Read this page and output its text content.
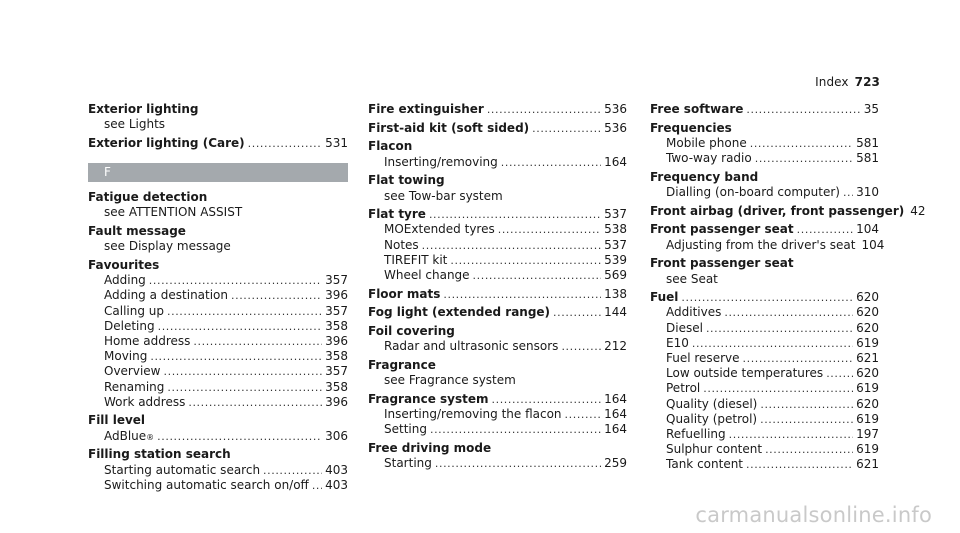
Index 723
Exterior lighting
see Lights
Exterior lighting (Care) .....	531
F
Fatigue detection
see ATTENTION ASSIST
Fault message
see Display message
Favourites
Adding .....	357
Adding a destination .....	396
Calling up .....	357
Deleting .....	358
Home address .....	396
Moving .....	358
Overview .....	357
Renaming .....	358
Work address .....	396
Fill level
AdBlue ® .....	306
Filling station search
Starting automatic search .....	403
Switching automatic search on/off ..... 403
Fire extinguisher .....	536
First-aid kit (soft sided) .....	536
Flacon
Inserting/removing .....	164
Flat towing
see Tow-bar system
Flat tyre .....	537
MOExtended tyres .....	538
Notes .....	537
TIREFIT kit .....	539
Wheel change .....	569
Floor mats .....	138
Fog light (extended range) .....	144
Foil covering
Radar and ultrasonic sensors .....	212
Fragrance
see Fragrance system
Fragrance system .....	164
Inserting/removing the flacon .....	164
Setting .....	164
Free driving mode
Starting .....	259
Free software .....	35
Frequencies
Mobile phone .....	581
Two-way radio .....	581
Frequency band
Dialling (on-board computer) ..... 310
Front airbag (driver, front passenger) 42
Front passenger seat .....	104
Adjusting from the driver's seat 104
Front passenger seat
see Seat
Fuel .....	620
Additives .....	620
Diesel .....	620
E10 .....	619
Fuel reserve .....	621
Low outside temperatures .....	620
Petrol .....	619
Quality (diesel) .....	620
Quality (petrol) .....	619
Refuelling .....	197
Sulphur content .....	619
Tank content .....	621
carmanualsonline.info
